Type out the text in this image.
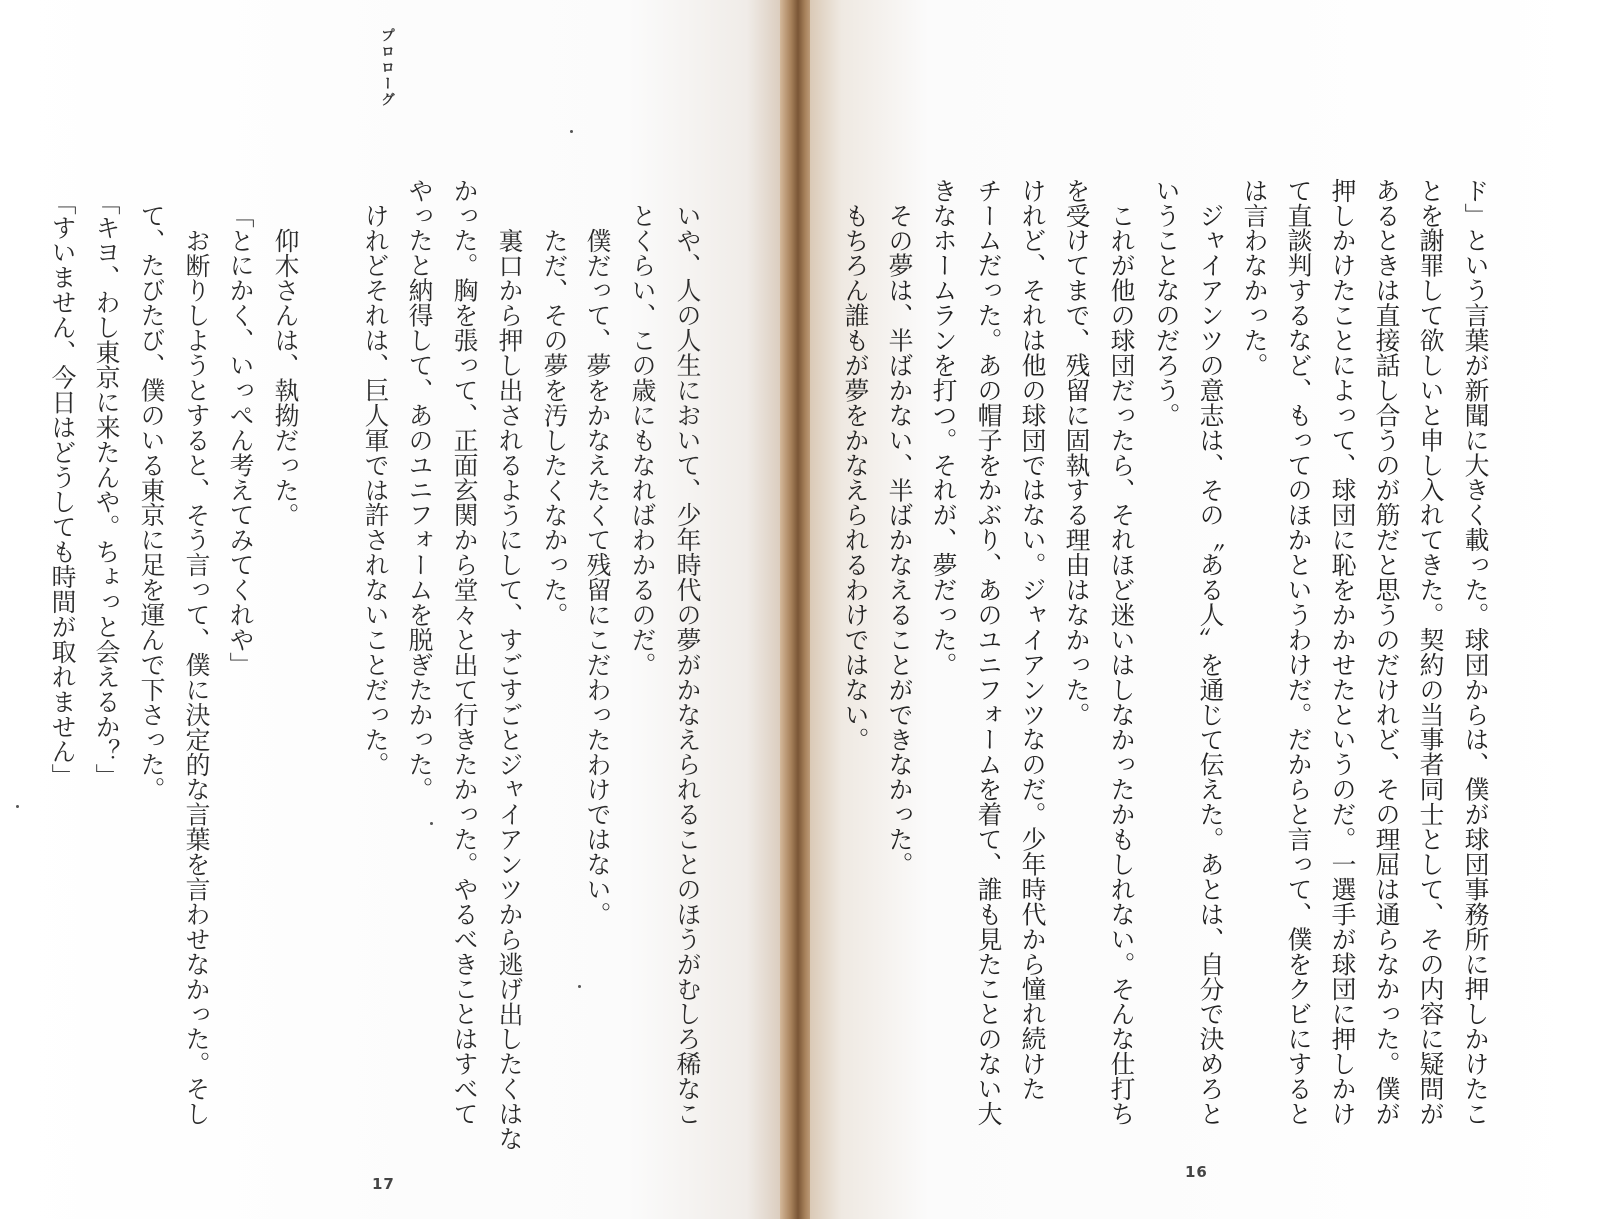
プロローグ
いや、人の人生において、少年時代の夢がかなえられることのほうがむしろ稀なこ
とくらい、この歳にもなればわかるのだ。
僕だって、夢をかなえたくて残留にこだわったわけではない。
ただ、その夢を汚したくなかった。
裏口から押し出されるようにして、すごすごとジャイアンツから逃げ出したくはな
かった。胸を張って、正面玄関から堂々と出て行きたかった。やるべきことはすべて
やったと納得して、あのユニフォームを脱ぎたかった。
けれどそれは、巨人軍では許されないことだった。
仰木さんは、執拗だった。
「とにかく、いっぺん考えてみてくれや」
お断りしようとすると、そう言って、僕に決定的な言葉を言わせなかった。そし
て、たびたび、僕のいる東京に足を運んで下さった。
「キヨ、わし東京に来たんや。ちょっと会えるか？」
「すいません、今日はどうしても時間が取れません」
17
ド」という言葉が新聞に大きく載った。球団からは、僕が球団事務所に押しかけたこ
とを謝罪して欲しいと申し入れてきた。契約の当事者同士として、その内容に疑問が
あるときは直接話し合うのが筋だと思うのだけれど、その理屈は通らなかった。僕が
押しかけたことによって、球団に恥をかかせたというのだ。一選手が球団に押しかけ
て直談判するなど、もってのほかというわけだ。だからと言って、僕をクビにすると
は言わなかった。
ジャイアンツの意志は、その〝ある人〟を通じて伝えた。あとは、自分で決めろと
いうことなのだろう。
これが他の球団だったら、それほど迷いはしなかったかもしれない。そんな仕打ち
を受けてまで、残留に固執する理由はなかった。
けれど、それは他の球団ではない。ジャイアンツなのだ。少年時代から憧れ続けた
チームだった。あの帽子をかぶり、あのユニフォームを着て、誰も見たことのない大
きなホームランを打つ。それが、夢だった。
その夢は、半ばかない、半ばかなえることができなかった。
もちろん誰もが夢をかなえられるわけではない。
16
